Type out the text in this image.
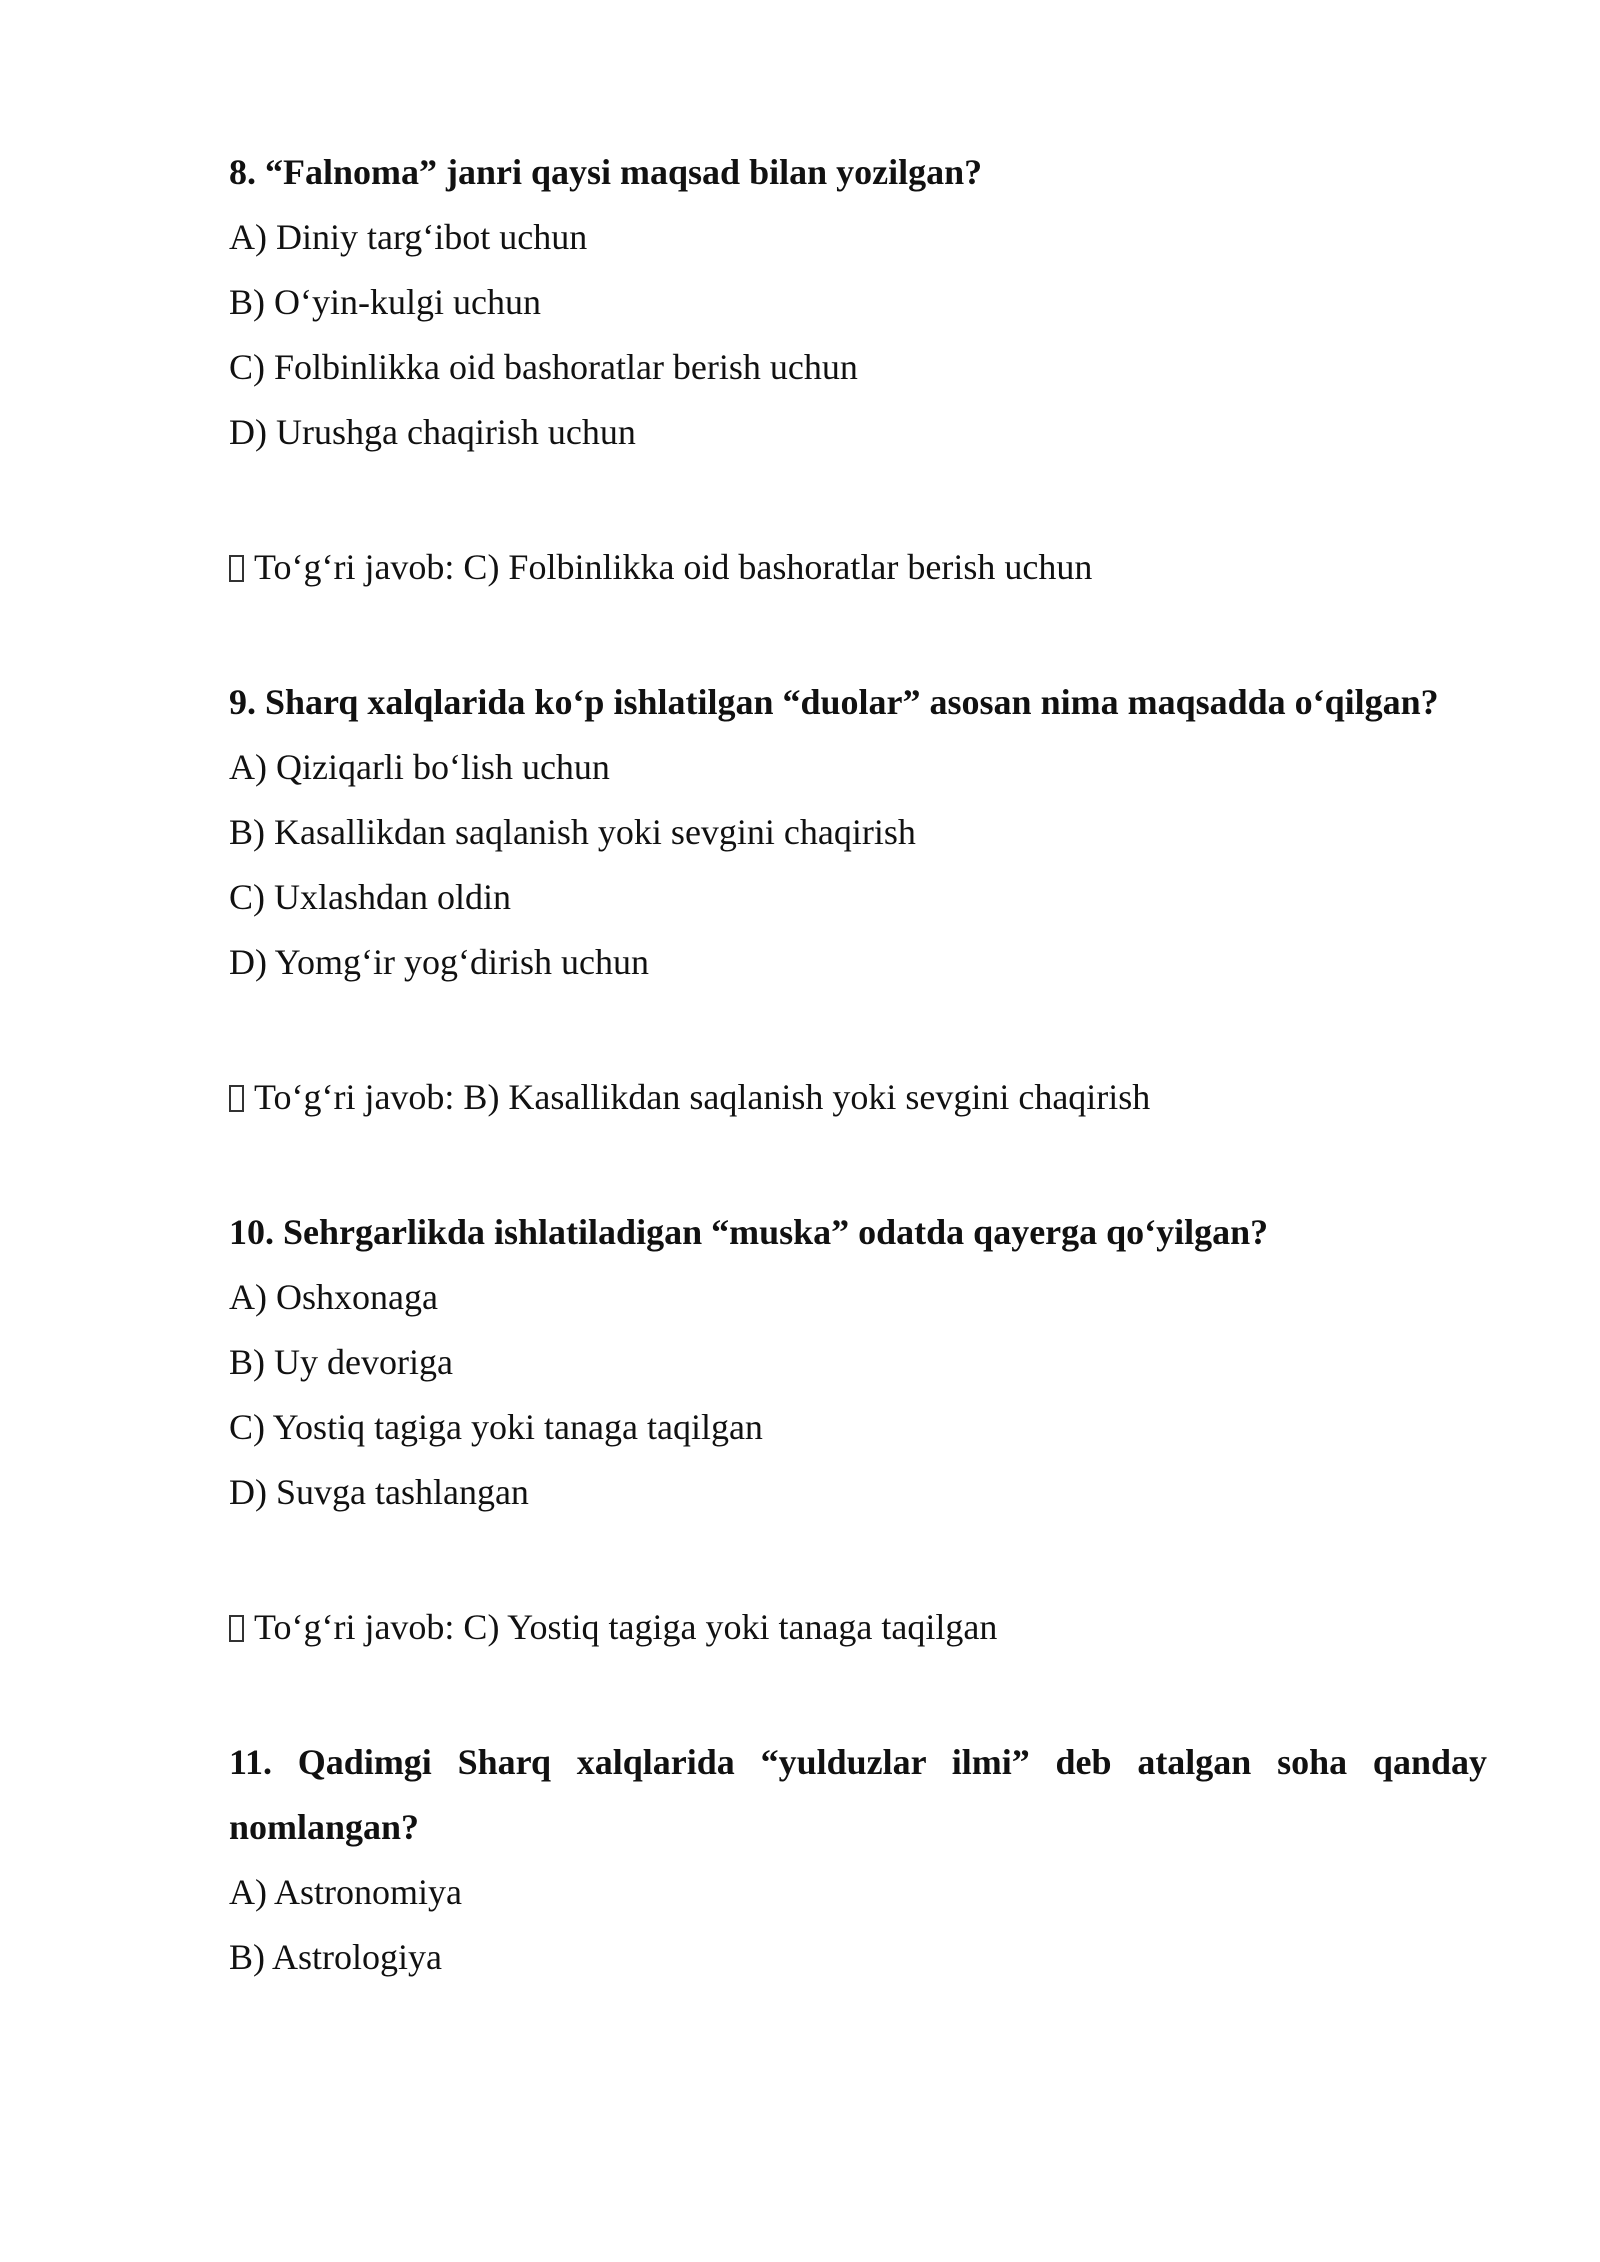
8. “Falnoma” janri qaysi maqsad bilan yozilgan?

A) Diniy targ‘ibot uchun

B) O‘yin-kulgi uchun

C) Folbinlikka oid bashoratlar berish uchun

D) Urushga chaqirish uchun

To‘g‘ri javob: C) Folbinlikka oid bashoratlar berish uchun

9. Sharq xalqlarida ko‘p ishlatilgan “duolar” asosan nima maqsadda o‘qilgan?

A) Qiziqarli bo‘lish uchun

B) Kasallikdan saqlanish yoki sevgini chaqirish

C) Uxlashdan oldin

D) Yomg‘ir yog‘dirish uchun

To‘g‘ri javob: B) Kasallikdan saqlanish yoki sevgini chaqirish

10. Sehrgarlikda ishlatiladigan “muska” odatda qayerga qo‘yilgan?

A) Oshxonaga

B) Uy devoriga

C) Yostiq tagiga yoki tanaga taqilgan

D) Suvga tashlangan

To‘g‘ri javob: C) Yostiq tagiga yoki tanaga taqilgan

11. Qadimgi Sharq xalqlarida “yulduzlar ilmi” deb atalgan soha qanday nomlangan?

A) Astronomiya

B) Astrologiya
